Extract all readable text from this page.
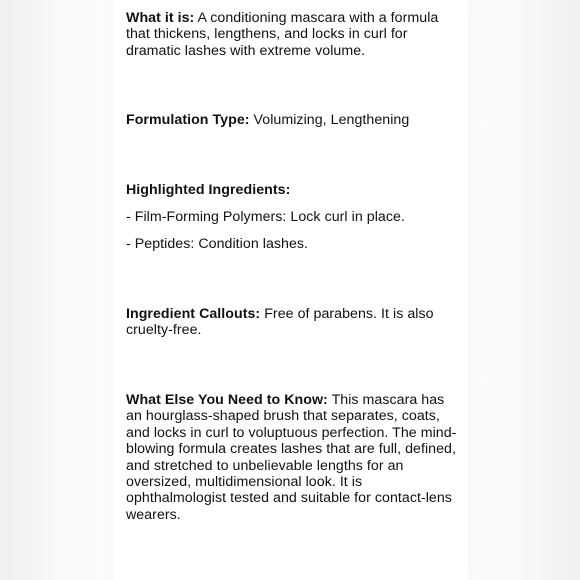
What it is: A conditioning mascara with a formula that thickens, lengthens, and locks in curl for dramatic lashes with extreme volume.

Formulation Type: Volumizing, Lengthening

Highlighted Ingredients:

- Film-Forming Polymers: Lock curl in place.

- Peptides: Condition lashes.

Ingredient Callouts: Free of parabens. It is also cruelty-free.

What Else You Need to Know: This mascara has an hourglass-shaped brush that separates, coats, and locks in curl to voluptuous perfection. The mind-blowing formula creates lashes that are full, defined, and stretched to unbelievable lengths for an oversized, multidimensional look. It is ophthalmologist tested and suitable for contact-lens wearers.
